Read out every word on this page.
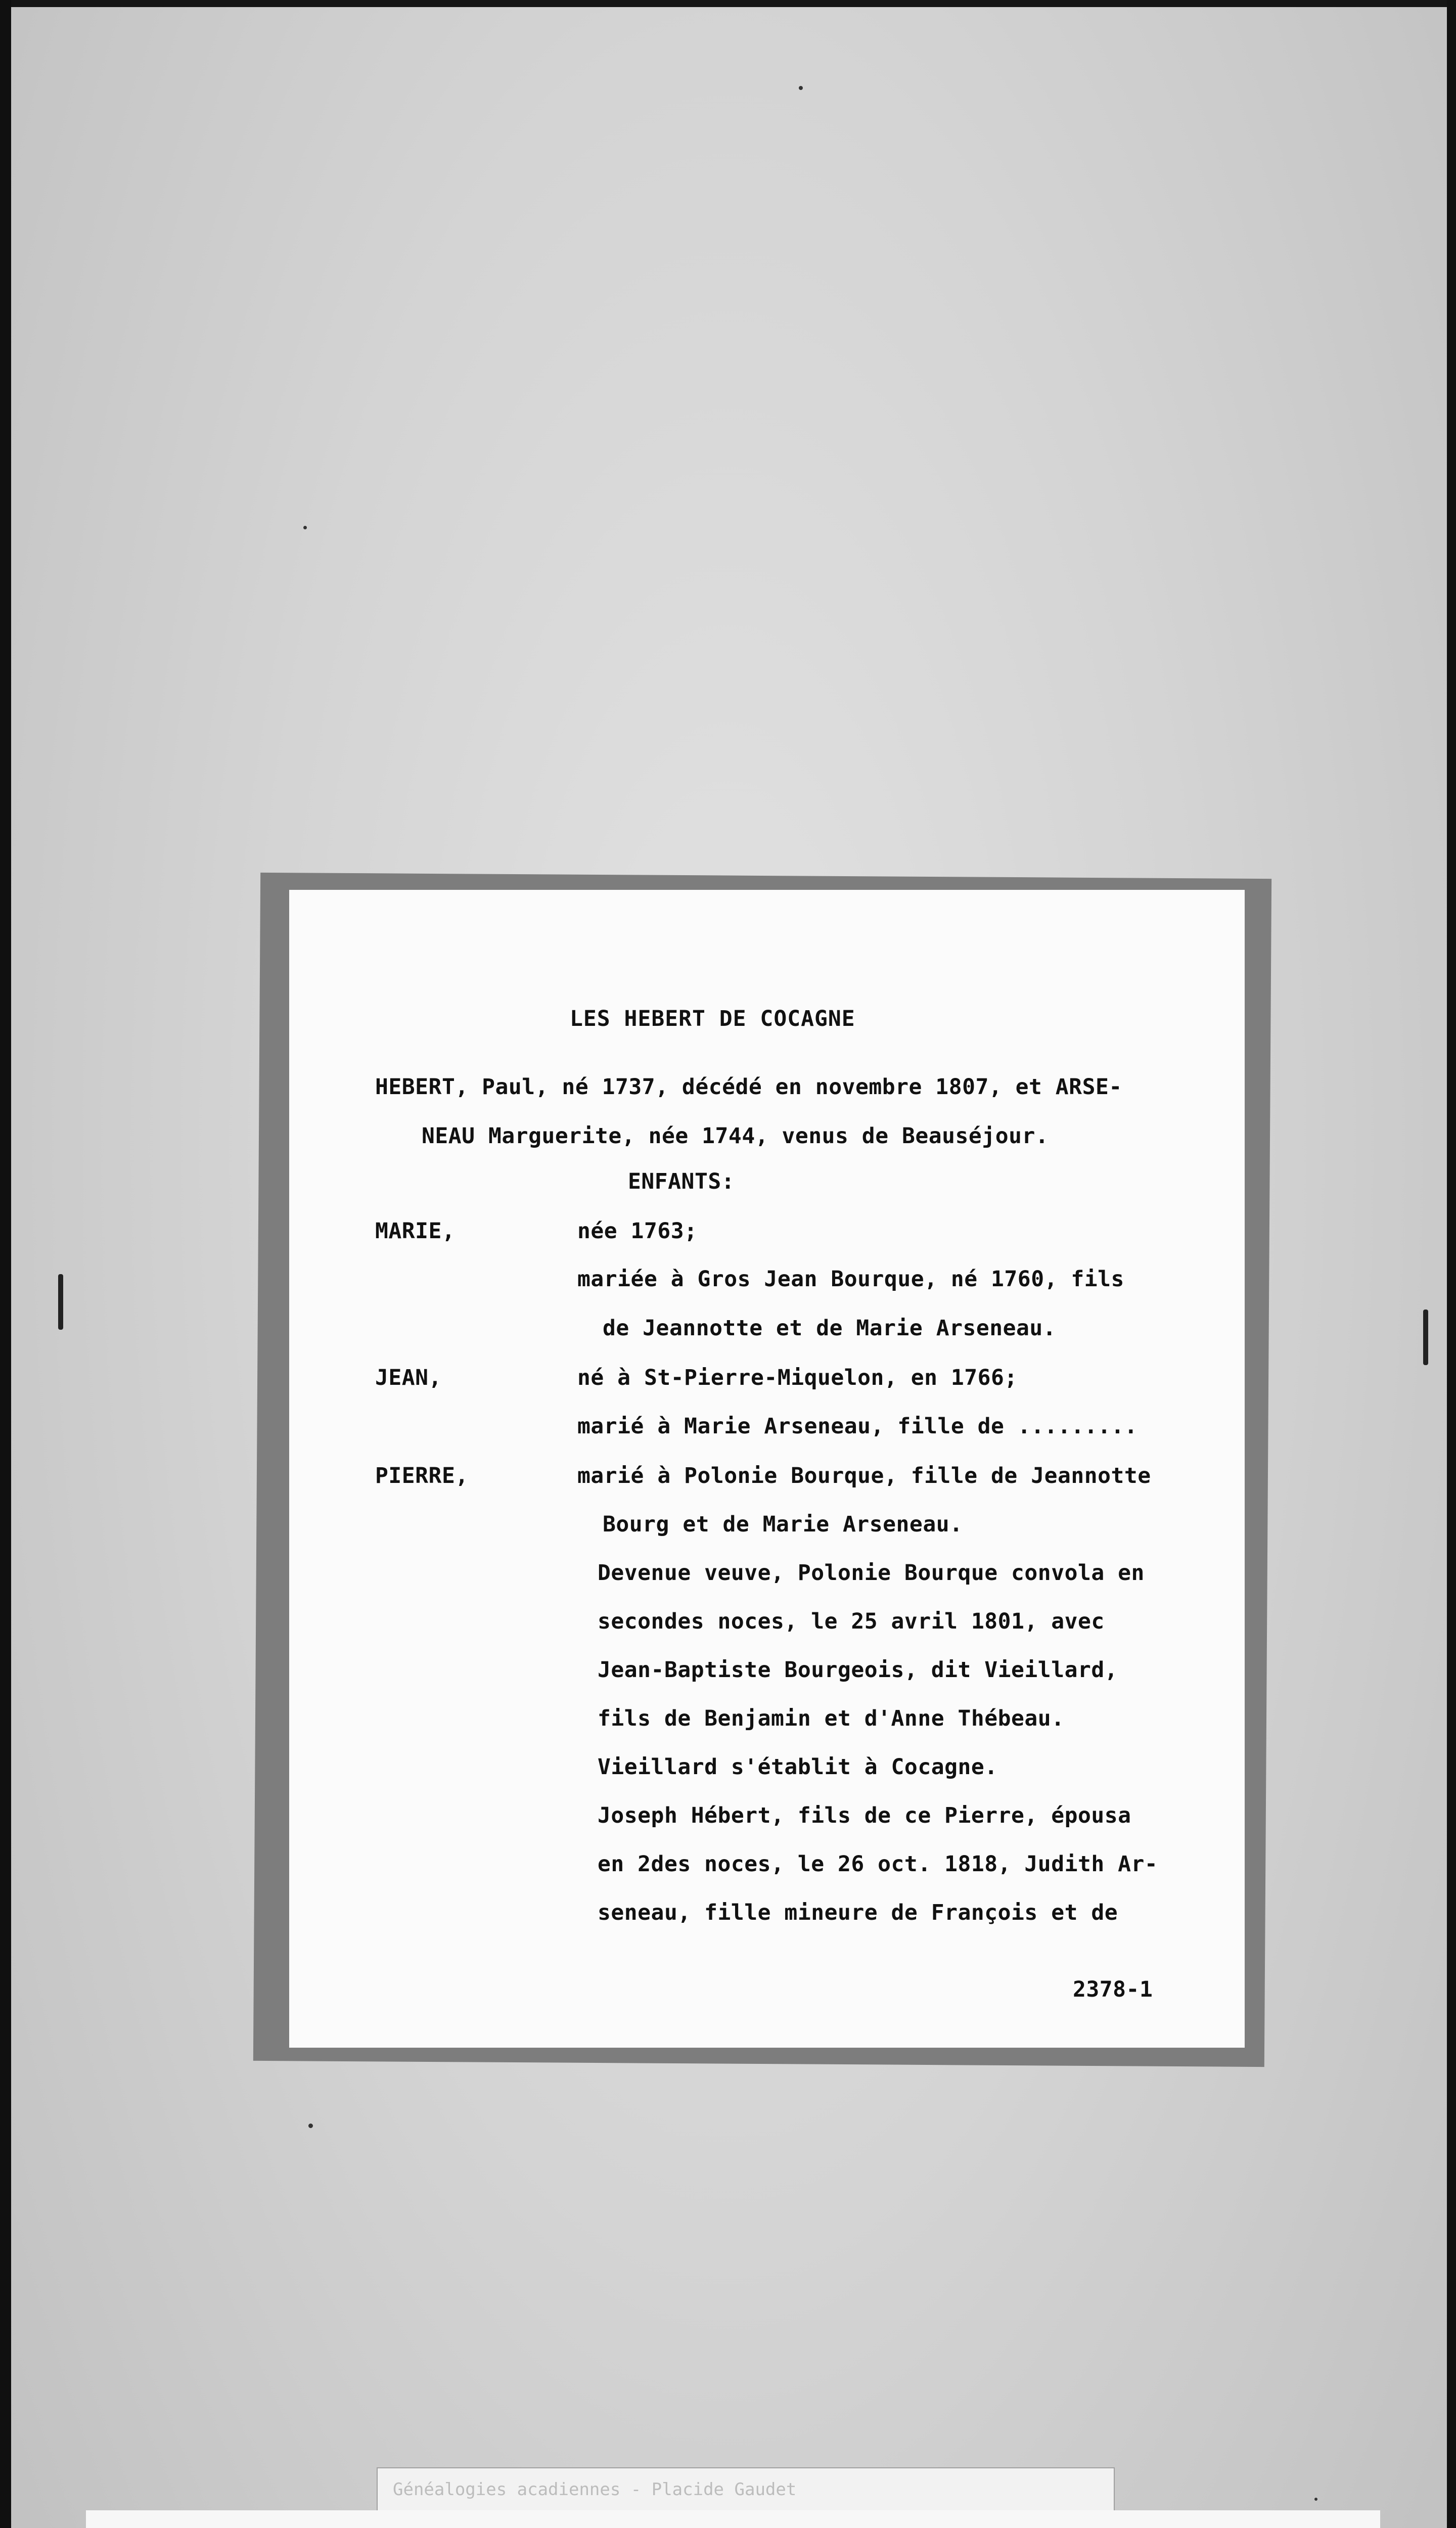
LES HEBERT DE COCAGNE
HEBERT, Paul, né 1737, décédé en novembre 1807, et ARSE-
NEAU Marguerite, née 1744, venus de Beauséjour.
ENFANTS:
MARIE,	née 1763;
mariée à Gros Jean Bourque, né 1760, fils
de Jeannotte et de Marie Arseneau.
JEAN,	né à St-Pierre-Miquelon, en 1766;
marié à Marie Arseneau, fille de .........
PIERRE,	marié à Polonie Bourque, fille de Jeannotte
Bourg et de Marie Arseneau.
Devenue veuve, Polonie Bourque convola en
secondes noces, le 25 avril 1801, avec
Jean-Baptiste Bourgeois, dit Vieillard,
fils de Benjamin et d'Anne Thébeau.
Vieillard s'établit à Cocagne.
Joseph Hébert, fils de ce Pierre, épousa
en 2des noces, le 26 oct. 1818, Judith Ar-
seneau, fille mineure de François et de
2378-1
Généalogies acadiennes - Placide Gaudet
